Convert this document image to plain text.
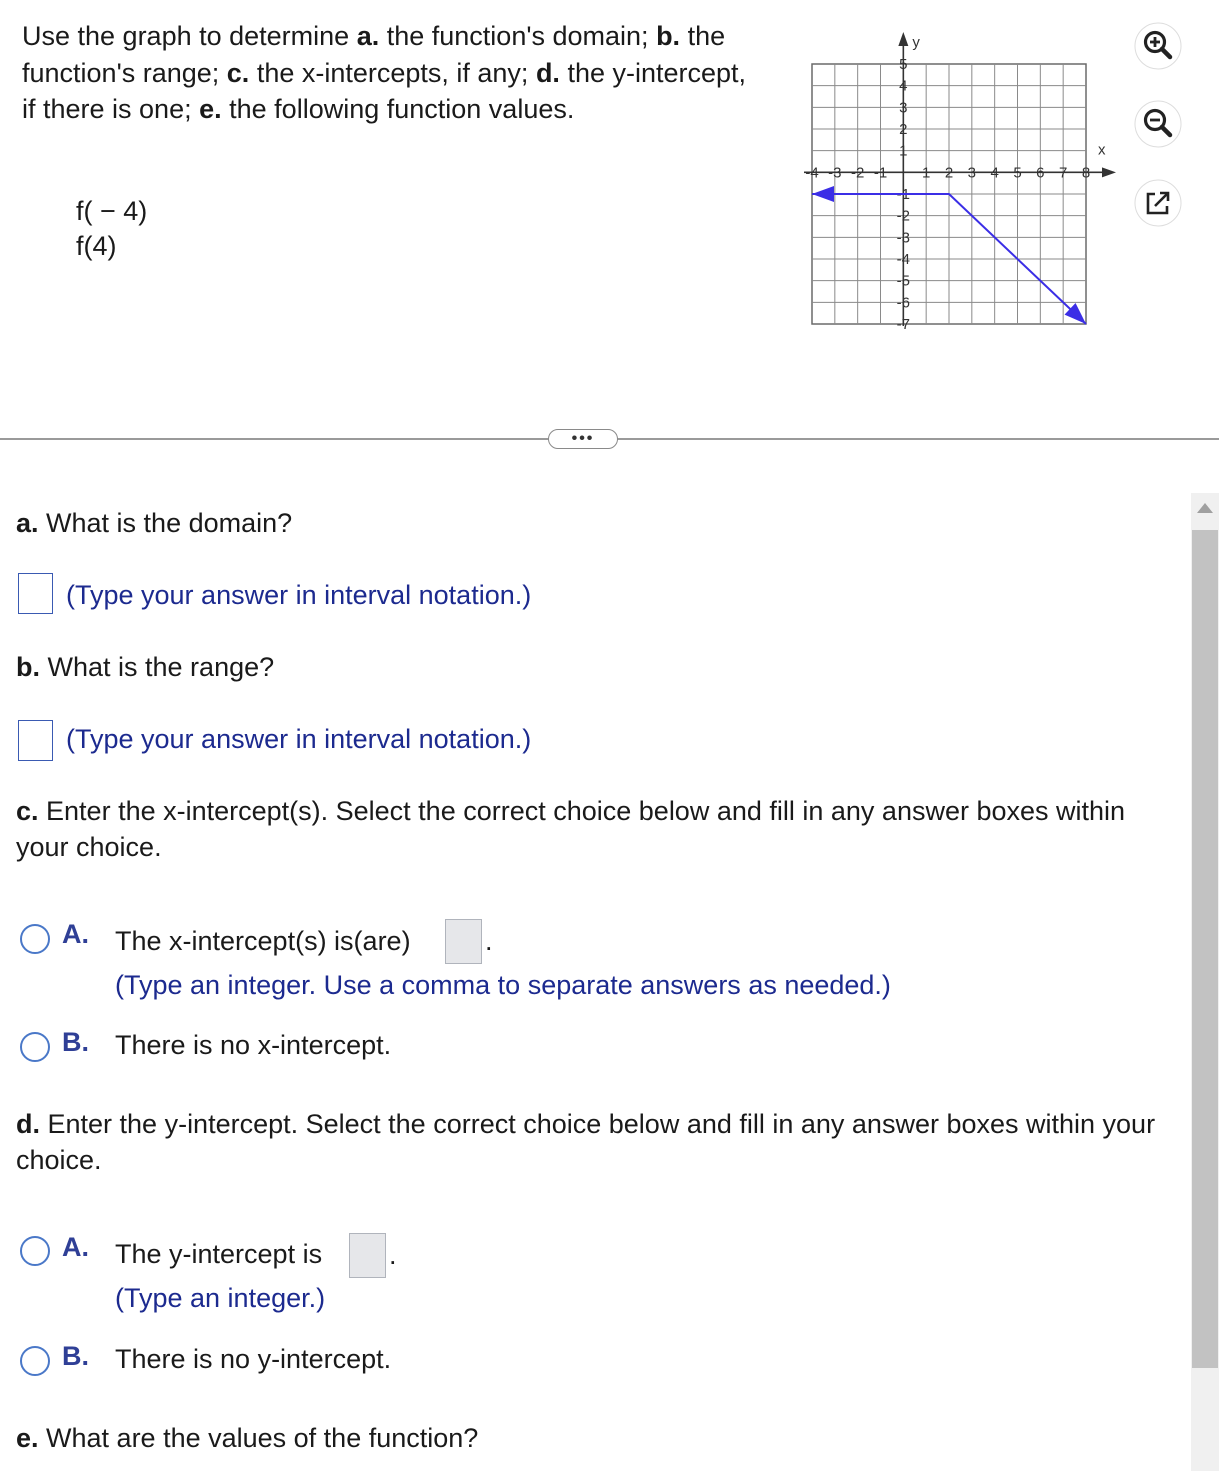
Use the graph to determine a. the function's domain; b. the function's range; c. the x-intercepts, if any; d. the y-intercept, if there is one; e. the following function values.
f( − 4)
f(4)
x
y
-4 -3 -2 -1 1 2 3 4 5 6 7 8
5
4
3
2
1
-1
-2
-3
-4
-5
-6
-7
•••
a. What is the domain?
(Type your answer in interval notation.)
b. What is the range?
(Type your answer in interval notation.)
c. Enter the x-intercept(s). Select the correct choice below and fill in any answer boxes within your choice.
A. The x-intercept(s) is(are)	.
(Type an integer. Use a comma to separate answers as needed.)
B. There is no x-intercept.
d. Enter the y-intercept. Select the correct choice below and fill in any answer boxes within your choice.
A. The y-intercept is .
(Type an integer.)
B. There is no y-intercept.
e. What are the values of the function?
